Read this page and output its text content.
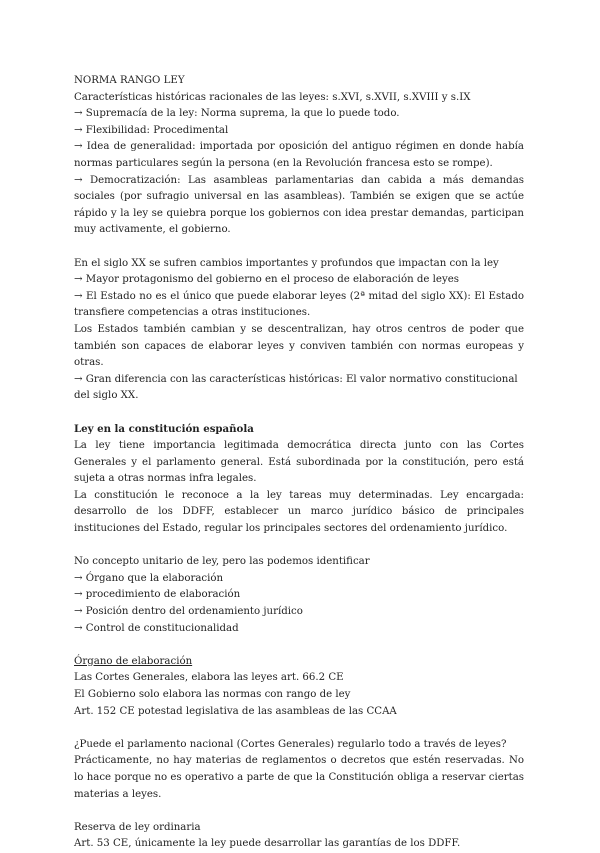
NORMA RANGO LEY

Características históricas racionales de las leyes: s.XVI, s.XVII, s.XVIII y s.IX

→ Supremacía de la ley: Norma suprema, la que lo puede todo.

→ Flexibilidad: Procedimental

→ Idea de generalidad: importada por oposición del antiguo régimen en donde había normas particulares según la persona (en la Revolución francesa esto se rompe).

→ Democratización: Las asambleas parlamentarias dan cabida a más demandas sociales (por sufragio universal en las asambleas). También se exigen que se actúe rápido y la ley se quiebra porque los gobiernos con idea prestar demandas, participan muy activamente, el gobierno.

En el siglo XX se sufren cambios importantes y profundos que impactan con la ley

→ Mayor protagonismo del gobierno en el proceso de elaboración de leyes

→ El Estado no es el único que puede elaborar leyes (2ª mitad del siglo XX): El Estado transfiere competencias a otras instituciones.

Los Estados también cambian y se descentralizan, hay otros centros de poder que también son capaces de elaborar leyes y conviven también con normas europeas y otras.

→ Gran diferencia con las características históricas: El valor normativo constitucional del siglo XX.

Ley en la constitución española

La ley tiene importancia legitimada democrática directa junto con las Cortes Generales y el parlamento general. Está subordinada por la constitución, pero está sujeta a otras normas infra legales.

La constitución le reconoce a la ley tareas muy determinadas. Ley encargada: desarrollo de los DDFF, establecer un marco jurídico básico de principales instituciones del Estado, regular los principales sectores del ordenamiento jurídico.

No concepto unitario de ley, pero las podemos identificar

→ Órgano que la elaboración

→ procedimiento de elaboración

→ Posición dentro del ordenamiento jurídico

→ Control de constitucionalidad

Órgano de elaboración

Las Cortes Generales, elabora las leyes art. 66.2 CE

El Gobierno solo elabora las normas con rango de ley

Art. 152 CE potestad legislativa de las asambleas de las CCAA

¿Puede el parlamento nacional (Cortes Generales) regularlo todo a través de leyes?

Prácticamente, no hay materias de reglamentos o decretos que estén reservadas. No lo hace porque no es operativo a parte de que la Constitución obliga a reservar ciertas materias a leyes.

Reserva de ley ordinaria

Art. 53 CE, únicamente la ley puede desarrollar las garantías de los DDFF.
